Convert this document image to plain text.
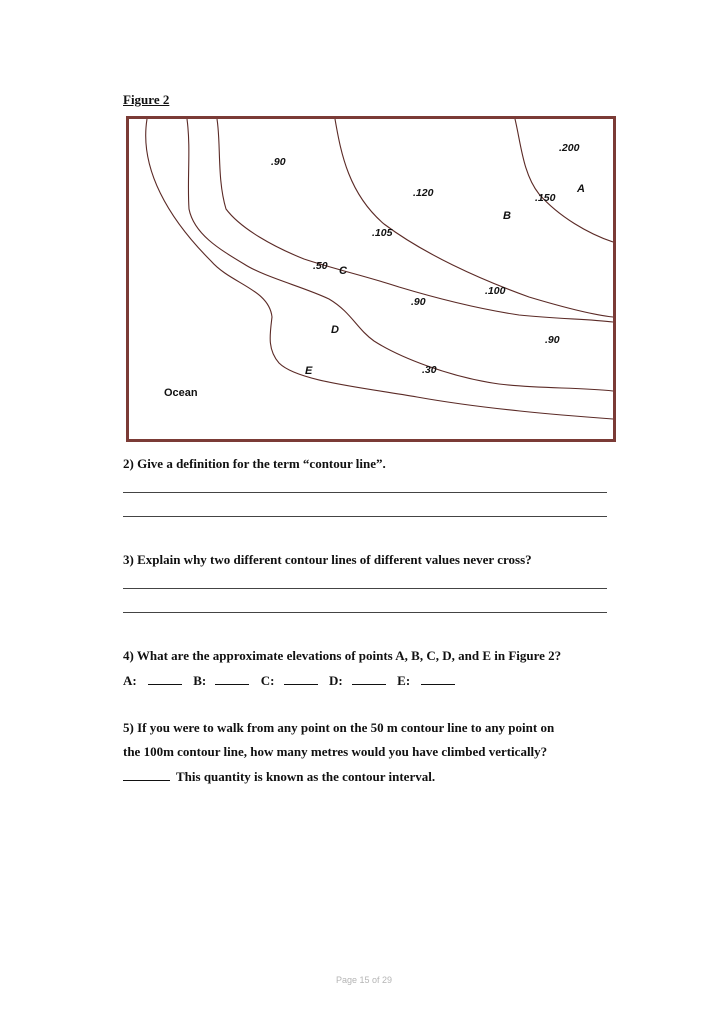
Figure 2
.200
A
.150
.90
.120
B
.105
.50 C
.100
.90
D
.90
E	.30
Ocean
2) Give a definition for the term “contour line”.
3) Explain why two different contour lines of different values never cross?
4) What are the approximate elevations of points A, B, C, D, and E in Figure 2?
A:	B:	C:	D:	E:
5) If you were to walk from any point on the 50 m contour line to any point on
the 100m contour line, how many metres would you have climbed vertically?
This quantity is known as the contour interval.
Page 15 of 29
